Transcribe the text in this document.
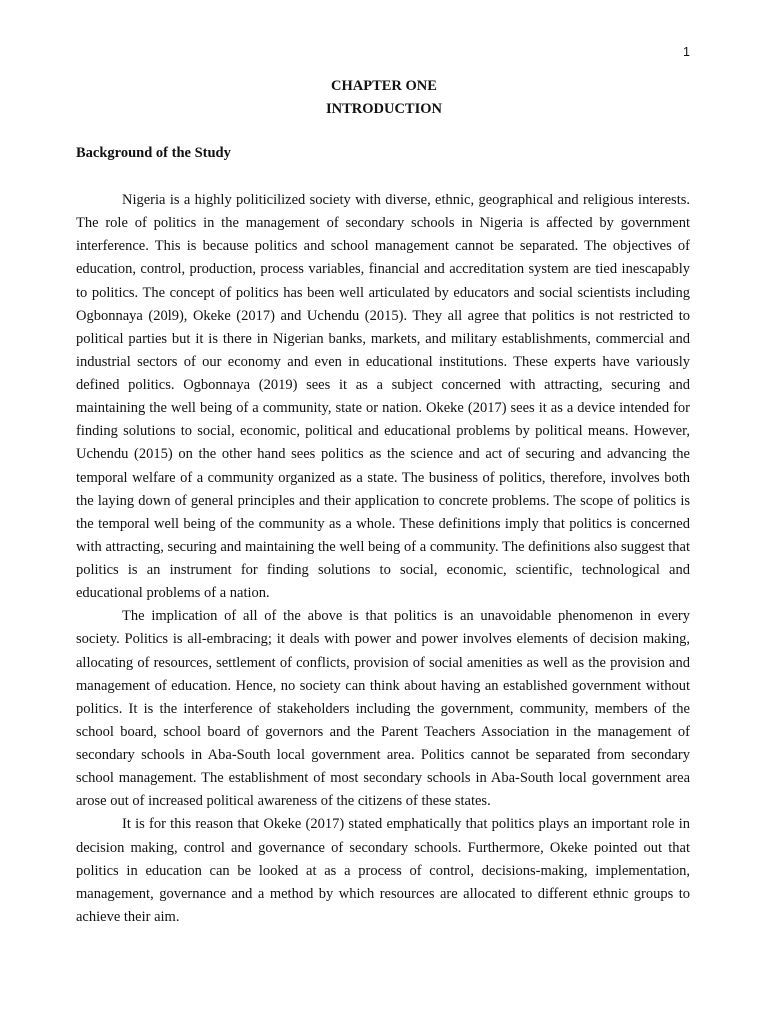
1
CHAPTER ONE
INTRODUCTION
Background of the Study

Nigeria is a highly politicilized society with diverse, ethnic, geographical and religious interests. The role of politics in the management of secondary schools in Nigeria is affected by government interference. This is because politics and school management cannot be separated. The objectives of education, control, production, process variables, financial and accreditation system are tied inescapably to politics. The concept of politics has been well articulated by educators and social scientists including Ogbonnaya (20l9), Okeke (2017) and Uchendu (2015). They all agree that politics is not restricted to political parties but it is there in Nigerian banks, markets, and military establishments, commercial and industrial sectors of our economy and even in educational institutions. These experts have variously defined politics. Ogbonnaya (2019) sees it as a subject concerned with attracting, securing and maintaining the well being of a community, state or nation. Okeke (2017) sees it as a device intended for finding solutions to social, economic, political and educational problems by political means. However, Uchendu (2015) on the other hand sees politics as the science and act of securing and advancing the temporal welfare of a community organized as a state. The business of politics, therefore, involves both the laying down of general principles and their application to concrete problems. The scope of politics is the temporal well being of the community as a whole. These definitions imply that politics is concerned with attracting, securing and maintaining the well being of a community. The definitions also suggest that politics is an instrument for finding solutions to social, economic, scientific, technological and educational problems of a nation.

The implication of all of the above is that politics is an unavoidable phenomenon in every society. Politics is all-embracing; it deals with power and power involves elements of decision making, allocating of resources, settlement of conflicts, provision of social amenities as well as the provision and management of education. Hence, no society can think about having an established government without politics. It is the interference of stakeholders including the government, community, members of the school board, school board of governors and the Parent Teachers Association in the management of secondary schools in Aba-South local government area. Politics cannot be separated from secondary school management. The establishment of most secondary schools in Aba-South local government area arose out of increased political awareness of the citizens of these states.

It is for this reason that Okeke (2017) stated emphatically that politics plays an important role in decision making, control and governance of secondary schools. Furthermore, Okeke pointed out that politics in education can be looked at as a process of control, decisions-making, implementation, management, governance and a method by which resources are allocated to different ethnic groups to achieve their aim.
